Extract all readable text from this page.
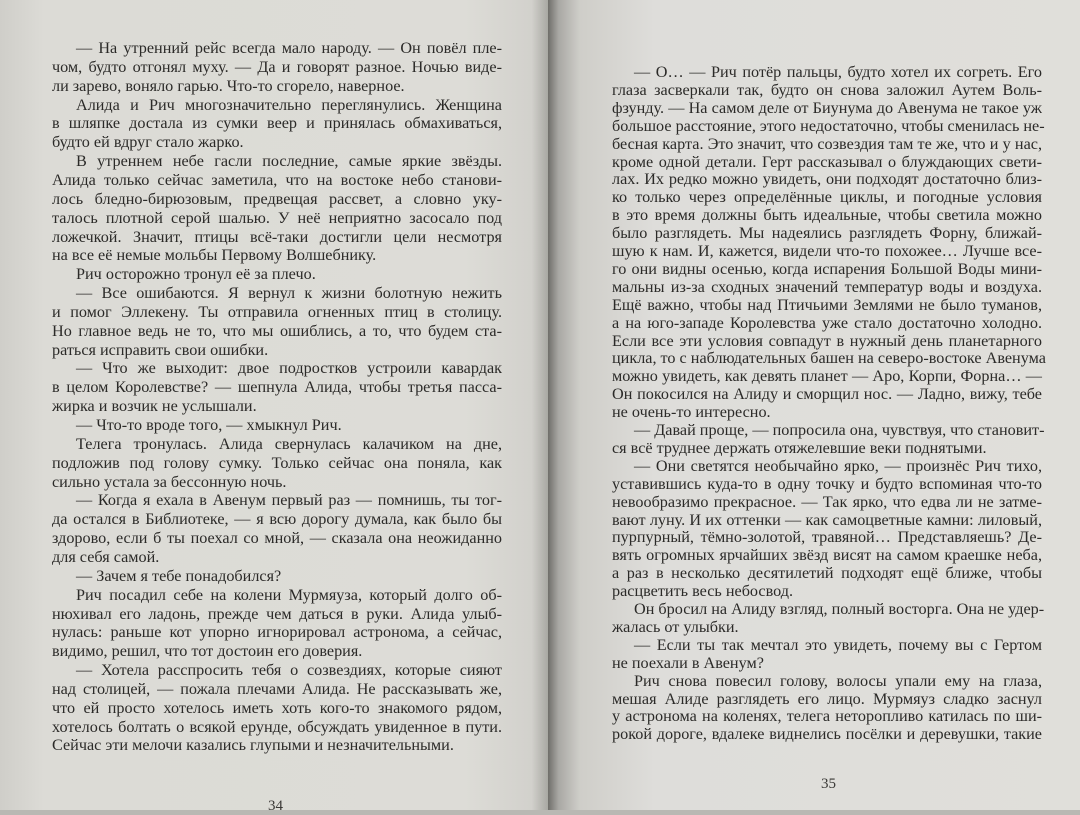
34
— На утренний рейс всегда мало народу. — Он повёл пле-
чом, будто отгонял муху. — Да и говорят разное. Ночью виде-
ли зарево, воняло гарью. Что-то сгорело, наверное.
Алида и Рич многозначительно переглянулись. Женщина
в шляпке достала из сумки веер и принялась обмахиваться,
будто ей вдруг стало жарко.
В утреннем небе гасли последние, самые яркие звёзды.
Алида только сейчас заметила, что на востоке небо станови-
лось бледно-бирюзовым, предвещая рассвет, а словно уку-
талось плотной серой шалью. У неё неприятно засосало под
ложечкой. Значит, птицы всё-таки достигли цели несмотря
на все её немые мольбы Первому Волшебнику.
Рич осторожно тронул её за плечо.
— Все ошибаются. Я вернул к жизни болотную нежить
и помог Эллекену. Ты отправила огненных птиц в столицу.
Но главное ведь не то, что мы ошиблись, а то, что будем ста-
раться исправить свои ошибки.
— Что же выходит: двое подростков устроили кавардак
в целом Королевстве? — шепнула Алида, чтобы третья пасса-
жирка и возчик не услышали.
— Что-то вроде того, — хмыкнул Рич.
Телега тронулась. Алида свернулась калачиком на дне,
подложив под голову сумку. Только сейчас она поняла, как
сильно устала за бессонную ночь.
— Когда я ехала в Авенум первый раз — помнишь, ты тог-
да остался в Библиотеке, — я всю дорогу думала, как было бы
здорово, если б ты поехал со мной, — сказала она неожиданно
для себя самой.
— Зачем я тебе понадобился?
Рич посадил себе на колени Мурмяуза, который долго об-
нюхивал его ладонь, прежде чем даться в руки. Алида улыб-
нулась: раньше кот упорно игнорировал астронома, а сейчас,
видимо, решил, что тот достоин его доверия.
— Хотела расспросить тебя о созвездиях, которые сияют
над столицей, — пожала плечами Алида. Не рассказывать же,
что ей просто хотелось иметь хоть кого-то знакомого рядом,
хотелось болтать о всякой ерунде, обсуждать увиденное в пути.
Сейчас эти мелочи казались глупыми и незначительными.
35
— О… — Рич потёр пальцы, будто хотел их согреть. Его
глаза засверкали так, будто он снова заложил Аутем Воль-
фзунду. — На самом деле от Биунума до Авенума не такое уж
большое расстояние, этого недостаточно, чтобы сменилась не-
бесная карта. Это значит, что созвездия там те же, что и у нас,
кроме одной детали. Герт рассказывал о блуждающих свети-
лах. Их редко можно увидеть, они подходят достаточно близ-
ко только через определённые циклы, и погодные условия
в это время должны быть идеальные, чтобы светила можно
было разглядеть. Мы надеялись разглядеть Форну, ближай-
шую к нам. И, кажется, видели что-то похожее… Лучше все-
го они видны осенью, когда испарения Большой Воды мини-
мальны из-за сходных значений температур воды и воздуха.
Ещё важно, чтобы над Птичьими Землями не было туманов,
а на юго-западе Королевства уже стало достаточно холодно.
Если все эти условия совпадут в нужный день планетарного
цикла, то с наблюдательных башен на северо-востоке Авенума
можно увидеть, как девять планет — Аро, Корпи, Форна… —
Он покосился на Алиду и сморщил нос. — Ладно, вижу, тебе
не очень-то интересно.
— Давай проще, — попросила она, чувствуя, что становит-
ся всё труднее держать отяжелевшие веки поднятыми.
— Они светятся необычайно ярко, — произнёс Рич тихо,
уставившись куда-то в одну точку и будто вспоминая что-то
невообразимо прекрасное. — Так ярко, что едва ли не затме-
вают луну. И их оттенки — как самоцветные камни: лиловый,
пурпурный, тёмно-золотой, травяной… Представляешь? Де-
вять огромных ярчайших звёзд висят на самом краешке неба,
а раз в несколько десятилетий подходят ещё ближе, чтобы
расцветить весь небосвод.
Он бросил на Алиду взгляд, полный восторга. Она не удер-
жалась от улыбки.
— Если ты так мечтал это увидеть, почему вы с Гертом
не поехали в Авенум?
Рич снова повесил голову, волосы упали ему на глаза,
мешая Алиде разглядеть его лицо. Мурмяуз сладко заснул
у астронома на коленях, телега неторопливо катилась по ши-
рокой дороге, вдалеке виднелись посёлки и деревушки, такие
